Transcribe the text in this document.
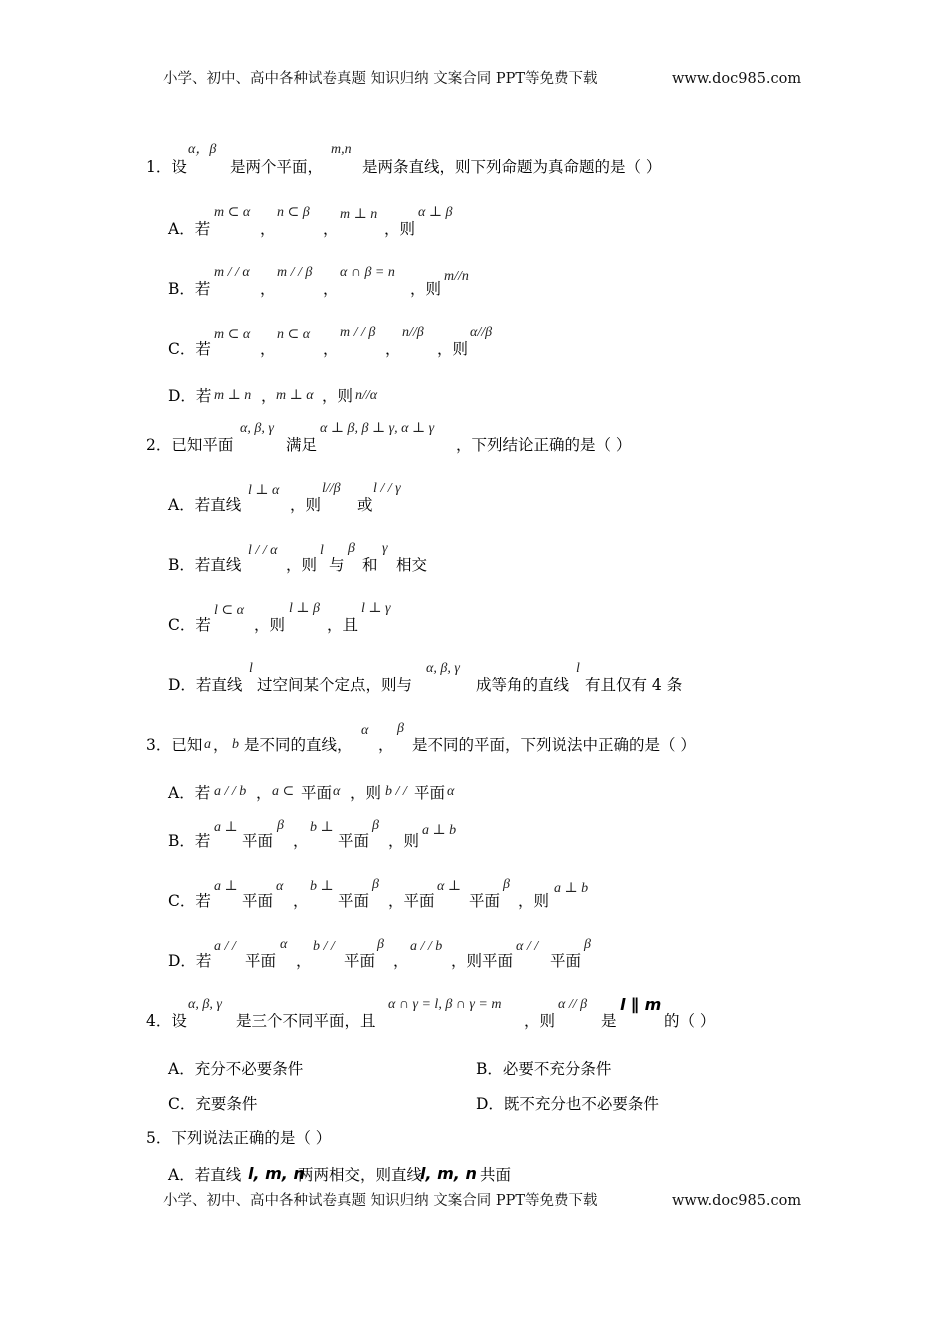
小学、初中、高中各种试卷真题 知识归纳 文案合同 PPT等免费下载	www.doc985.com
1．设
α，β
是两个平面，
m,n
是两条直线，则下列命题为真命题的是（ ）
A．若
m ⊂ α
，
n ⊂ β
，
m ⊥ n
，则
α ⊥ β
B．若
m / / α
，
m / / β
，
α ∩ β = n
，则
m//n
C．若
m ⊂ α
，
n ⊂ α
，
m / / β
，
n//β
，则
α//β
D．若 m ⊥ n ， m ⊥ α ，则 n//α
2．已知平面
α, β, γ
满足
α ⊥ β, β ⊥ γ, α ⊥ γ
，下列结论正确的是（ ）
A．若直线
l ⊥ α
，则
l//β
或
l / / γ
B．若直线
l / / α
，则
l
与
β
和
γ
相交
C．若
l ⊂ α
，则
l ⊥ β
，且
l ⊥ γ
D．若直线
l
过空间某个定点，则与
α, β, γ
成等角的直线
l
有且仅有 4 条
3．已知 a ， b 是不同的直线，
α
，
β
是不同的平面，下列说法中正确的是（ ）
A．若 a / / b ， a ⊂ 平面 α ，则 b / / 平面 α
B．若
a ⊥
平面
β
，
b ⊥
平面
β
，则
a ⊥ b
C．若
a ⊥
平面
α
，
b ⊥
平面
β
，平面
α ⊥
平面
β
，则
a ⊥ b
D．若
a / /
平面
α
，
b / /
平面
β
，
a / / b
，则平面
α / /
平面
β
4．设
α, β, γ
是三个不同平面，且
α ∩ γ = l, β ∩ γ = m
，则
α // β
是
l ∥ m
的（ ）
A．充分不必要条件	B．必要不充分条件
C．充要条件	D．既不充分也不必要条件
5．下列说法正确的是（ ）
A．若直线 l, m, n
两两相交，则直线
l, m, n 共面
小学、初中、高中各种试卷真题 知识归纳 文案合同 PPT等免费下载	www.doc985.com
